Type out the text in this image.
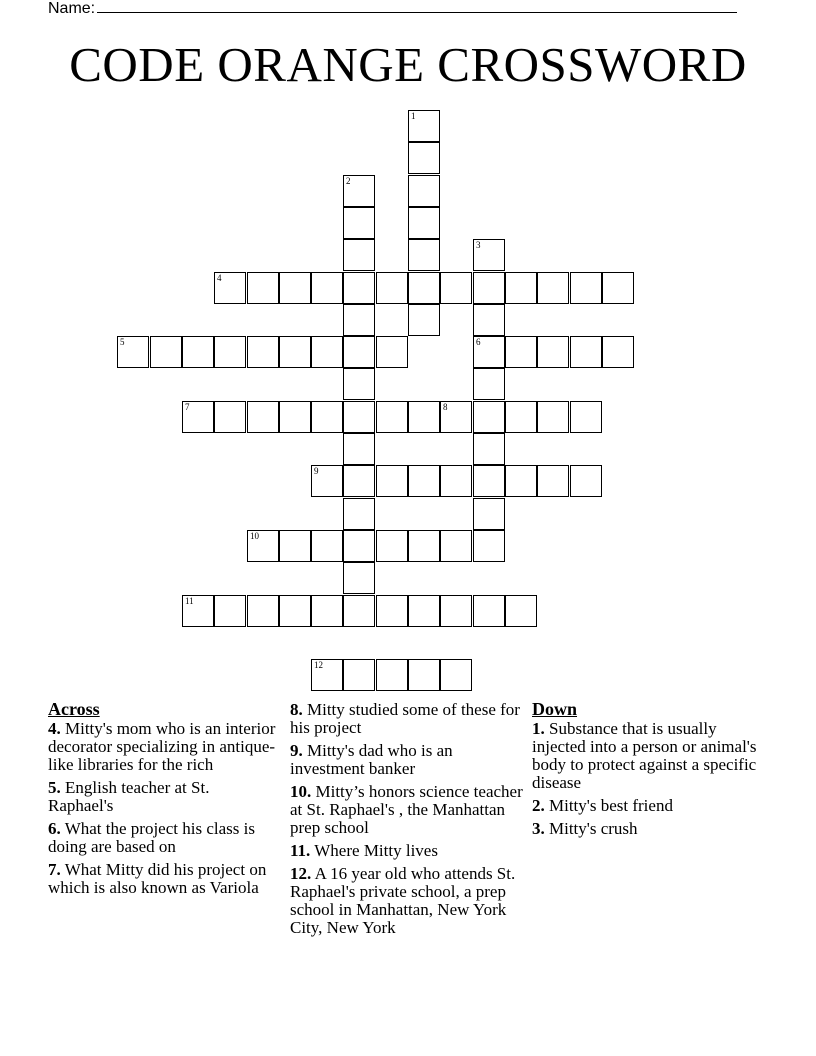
Name:
CODE ORANGE CROSSWORD
1
2
3
6
4
5
7	8
9
10
11
12
Across
4. Mitty's mom who is an interior decorator specializing in antique-like libraries for the rich
5. English teacher at St. Raphael's
6. What the project his class is doing are based on
7. What Mitty did his project on which is also known as Variola
8. Mitty studied some of these for his project
9. Mitty's dad who is an investment banker
10. Mitty’s honors science teacher at St. Raphael's , the Manhattan prep school
11. Where Mitty lives
12. A 16 year old who attends St. Raphael's private school, a prep school in Manhattan, New York City, New York
Down
1. Substance that is usually injected into a person or animal's body to protect against a specific disease
2. Mitty's best friend
3. Mitty's crush
